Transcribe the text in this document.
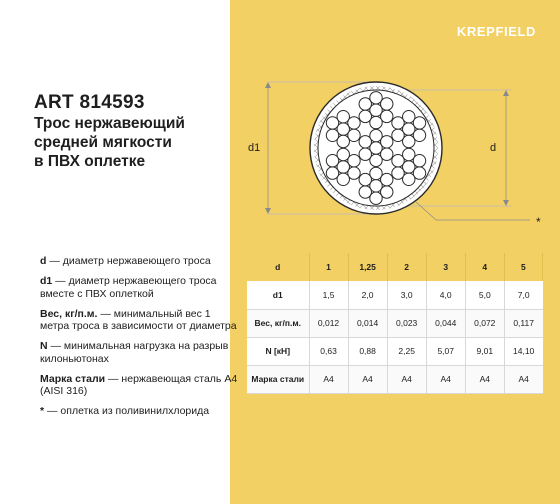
KREPFIELD
ART 814593
Трос нержавеющий
средней мягкости
в ПВХ оплетке
d1	d
*
d — диаметр нержавеющего троса
d1 — диаметр нержавеющего троса вместе с ПВХ оплеткой
Вес, кг/п.м. — минимальный вес 1 метра троса в зависимости от диаметра
N — минимальная нагрузка на разрыв килоньютонах
Марка стали — нержавеющая сталь A4 (AISI 316)
* — оплетка из поливинилхлорида
d	1	1,25	2	3	4	5
d1	1,5	2,0	3,0	4,0	5,0	7,0
Вес, кг/п.м.	0,012	0,014	0,023	0,044	0,072	0,117
N [кН]	0,63	0,88	2,25	5,07	9,01	14,10
Марка стали	A4	A4	A4	A4	A4	A4
